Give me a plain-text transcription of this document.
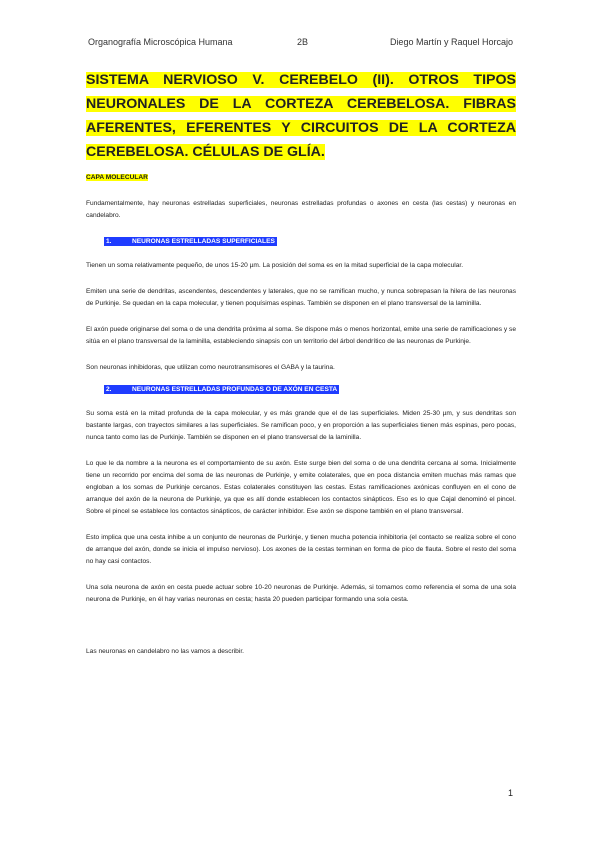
Organografía Microscópica Humana	2B	Diego Martín y Raquel Horcajo
SISTEMA NERVIOSO V. CEREBELO (II). OTROS TIPOS NEURONALES DE LA CORTEZA CEREBELOSA. FIBRAS AFERENTES, EFERENTES Y CIRCUITOS DE LA CORTEZA CEREBELOSA. CÉLULAS DE GLÍA.

CAPA MOLECULAR

Fundamentalmente, hay neuronas estrelladas superficiales, neuronas estrelladas profundas o axones en cesta (las cestas) y neuronas en candelabro.

1.	NEURONAS ESTRELLADAS SUPERFICIALES

Tienen un soma relativamente pequeño, de unos 15-20 µm. La posición del soma es en la mitad superficial de la capa molecular.

Emiten una serie de dendritas, ascendentes, descendentes y laterales, que no se ramifican mucho, y nunca sobrepasan la hilera de las neuronas de Purkinje. Se quedan en la capa molecular, y tienen poquísimas espinas. También se disponen en el plano transversal de la laminilla.

El axón puede originarse del soma o de una dendrita próxima al soma. Se dispone más o menos horizontal, emite una serie de ramificaciones y se sitúa en el plano transversal de la laminilla, estableciendo sinapsis con un territorio del árbol dendrítico de las neuronas de Purkinje.

Son neuronas inhibidoras, que utilizan como neurotransmisores el GABA y la taurina.

2.	NEURONAS ESTRELLADAS PROFUNDAS O DE AXÓN EN CESTA

Su soma está en la mitad profunda de la capa molecular, y es más grande que el de las superficiales. Miden 25-30 µm, y sus dendritas son bastante largas, con trayectos similares a las superficiales. Se ramifican poco, y en proporción a las superficiales tienen más espinas, pero pocas, nunca tanto como las de Purkinje. También se disponen en el plano transversal de la laminilla.

Lo que le da nombre a la neurona es el comportamiento de su axón. Este surge bien del soma o de una dendrita cercana al soma. Inicialmente tiene un recorrido por encima del soma de las neuronas de Purkinje, y emite colaterales, que en poca distancia emiten muchas más ramas que engloban a los somas de Purkinje cercanos. Estas colaterales constituyen las cestas. Estas ramificaciones axónicas confluyen en el cono de arranque del axón de la neurona de Purkinje, ya que es allí donde establecen los contactos sinápticos. Eso es lo que Cajal denominó el pincel. Sobre el pincel se establece los contactos sinápticos, de carácter inhibidor. Ese axón se dispone también en el plano transversal.

Esto implica que una cesta inhibe a un conjunto de neuronas de Purkinje, y tienen mucha potencia inhibitoria (el contacto se realiza sobre el cono de arranque del axón, donde se inicia el impulso nervioso). Los axones de la cestas terminan en forma de pico de flauta. Sobre el resto del soma no hay casi contactos.

Una sola neurona de axón en cesta puede actuar sobre 10-20 neuronas de Purkinje. Además, si tomamos como referencia el soma de una sola neurona de Purkinje, en él hay varias neuronas en cesta; hasta 20 pueden participar formando una sola cesta.

Las neuronas en candelabro no las vamos a describir.

1
